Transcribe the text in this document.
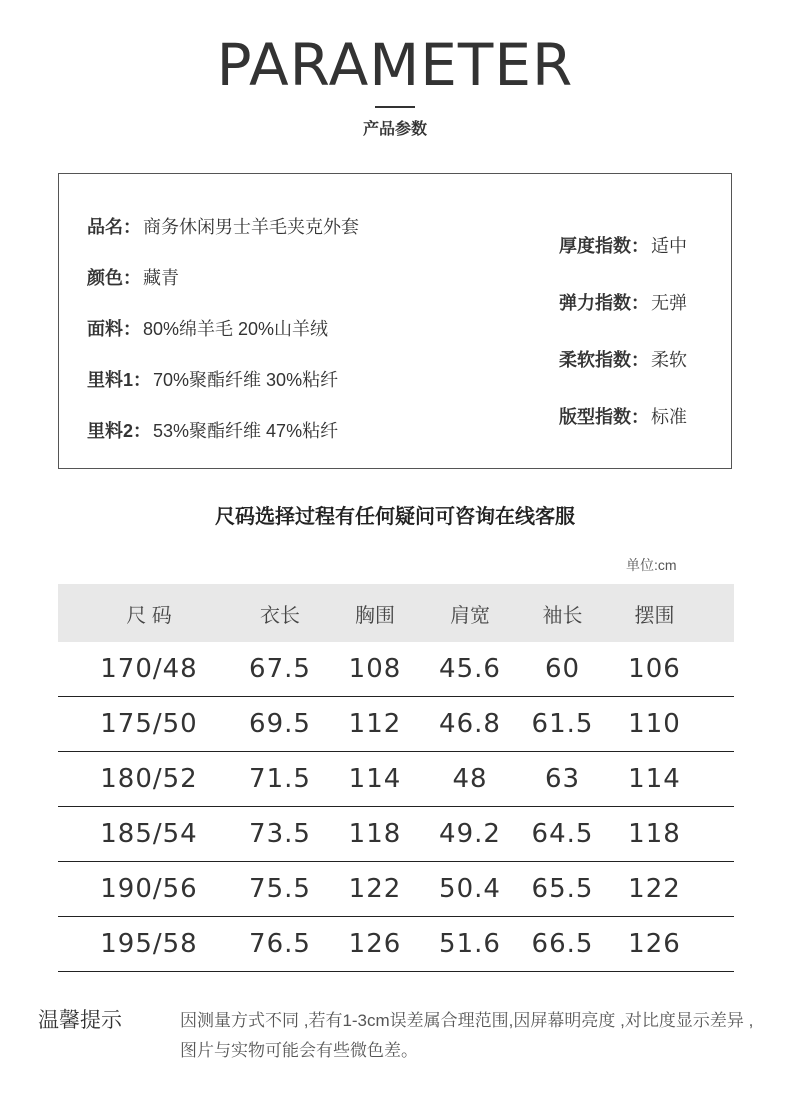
PARAMETER
产品参数
品名： 商务休闲男士羊毛夹克外套
颜色： 藏青
面料： 80%绵羊毛 20%山羊绒
里料1： 70%聚酯纤维 30%粘纤
里料2： 53%聚酯纤维 47%粘纤
厚度指数： 适中
弹力指数： 无弹
柔软指数： 柔软
版型指数： 标准
尺码选择过程有任何疑问可咨询在线客服
单位:cm
尺 码	衣长	胸围	肩宽	袖长	摆围
170/48	67.5	108	45.6	60	106
175/50	69.5	112	46.8	61.5	110
180/52	71.5	114	48	63	114
185/54	73.5	118	49.2	64.5	118
190/56	75.5	122	50.4	65.5	122
195/58	76.5	126	51.6	66.5	126
温馨提示	因测量方式不同 ,若有1-3cm误差属合理范围,因屏幕明亮度 ,对比度显示差异 ,图片与实物可能会有些微色差。
